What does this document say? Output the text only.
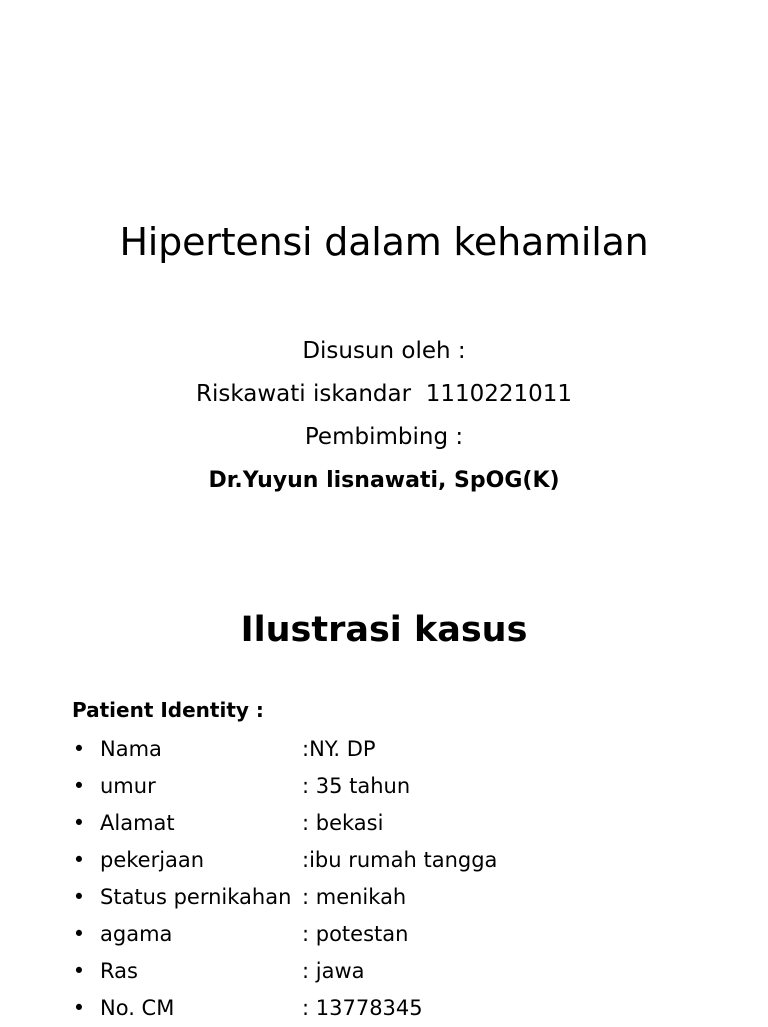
Hipertensi dalam kehamilan
Disusun oleh :
Riskawati iskandar  1110221011
Pembimbing :
Dr.Yuyun lisnawati, SpOG(K)
Ilustrasi kasus
Patient Identity :
• Nama	:NY. DP
• umur	: 35 tahun
• Alamat	: bekasi
• pekerjaan	:ibu rumah tangga
• Status pernikahan : menikah
• agama	: potestan
• Ras	: jawa
• No. CM	: 13778345
